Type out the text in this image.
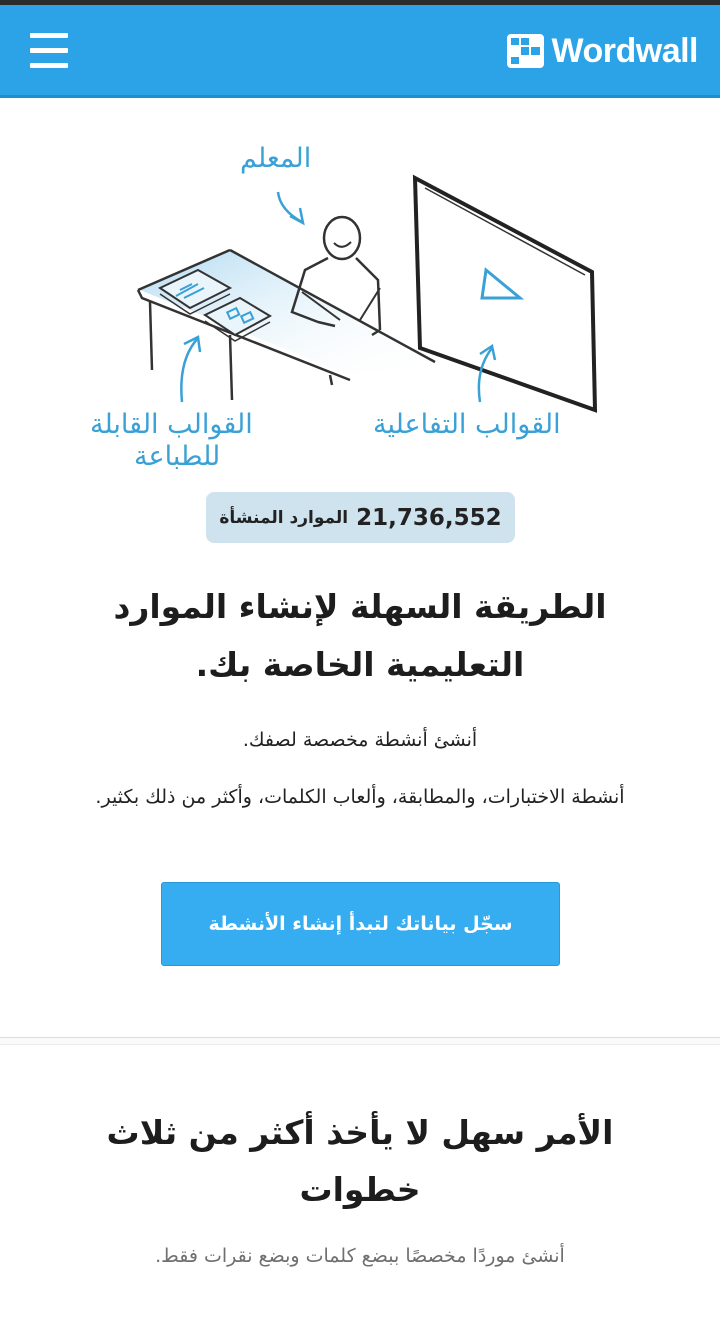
Wordwall
المعلم
القوالب القابلة
للطباعة
القوالب التفاعلية
21,736,552
الموارد المنشأة
الطريقة السهلة لإنشاء الموارد التعليمية الخاصة بك.
أنشئ أنشطة مخصصة لصفك.
أنشطة الاختبارات، والمطابقة، وألعاب الكلمات، وأكثر من ذلك بكثير.
سجّل بياناتك لتبدأ إنشاء الأنشطة
الأمر سهل لا يأخذ أكثر من ثلاث خطوات
أنشئ موردًا مخصصًا ببضع كلمات وبضع نقرات فقط.
